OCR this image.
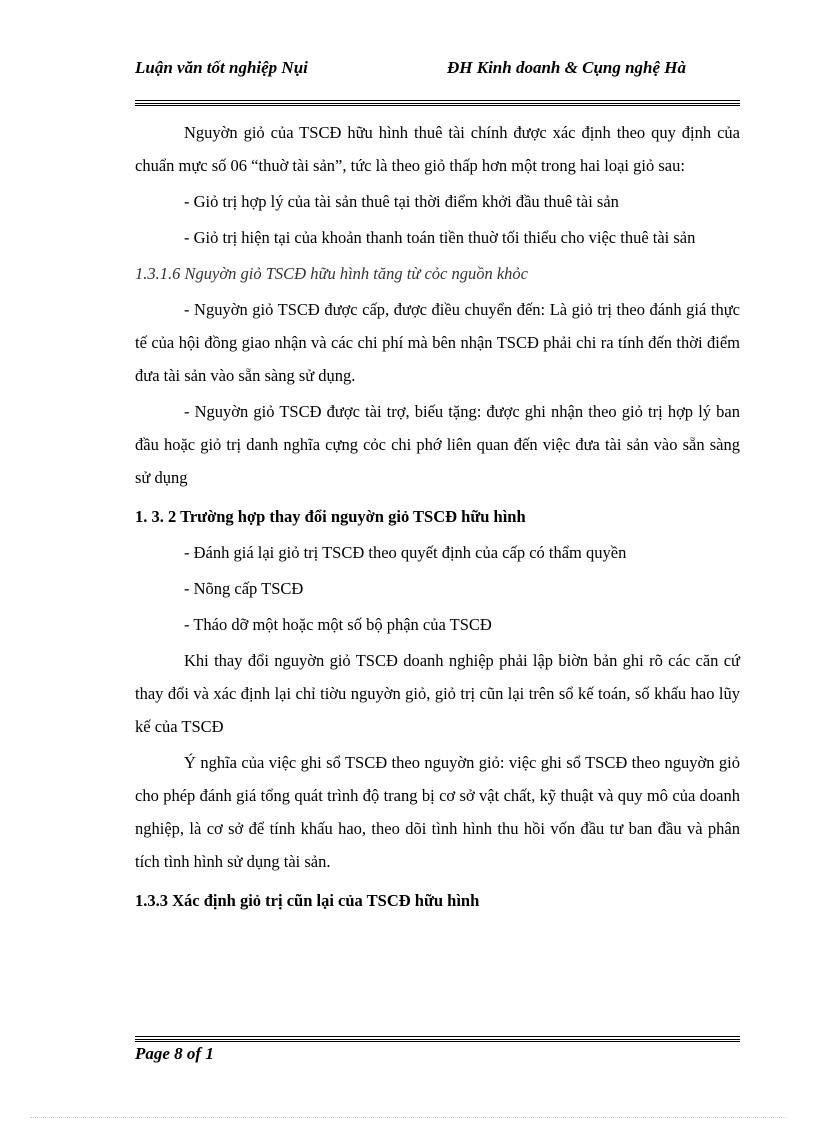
Luận văn tốt nghiệp Nụi	ĐH Kinh doanh & Cụng nghệ Hà

Nguyờn giỏ của TSCĐ hữu hình thuê tài chính được xác định theo quy định của chuẩn mực số 06 “thuờ tài sản”, tức là theo giỏ thấp hơn một trong hai loại giỏ sau:

- Giỏ trị hợp lý của tài sản thuê tại thời điểm khởi đầu thuê tài sản

- Giỏ trị hiện tại của khoản thanh toán tiền thuờ tối thiểu cho việc thuê tài sản

1.3.1.6 Nguyờn giỏ TSCĐ hữu hình tăng từ cỏc nguồn khỏc

- Nguyờn giỏ TSCĐ được cấp, được điều chuyển đến: Là giỏ trị theo đánh giá thực tế của hội đồng giao nhận và các chi phí mà bên nhận TSCĐ phải chi ra tính đến thời điểm đưa tài sản vào sẵn sàng sử dụng.

- Nguyờn giỏ TSCĐ được tài trợ, biếu tặng: được ghi nhận theo giỏ trị hợp lý ban đầu hoặc giỏ trị danh nghĩa cựng cỏc chi phớ liên quan đến việc đưa tài sản vào sẵn sàng sử dụng

1. 3. 2 Trường hợp thay đổi nguyờn giỏ TSCĐ hữu hình

- Đánh giá lại giỏ trị TSCĐ theo quyết định của cấp có thẩm quyền

- Nõng cấp TSCĐ

- Tháo dỡ một hoặc một số bộ phận của TSCĐ

Khi thay đổi nguyờn giỏ TSCĐ doanh nghiệp phải lập biờn bản ghi rõ các căn cứ thay đổi và xác định lại chỉ tiờu nguyờn giỏ, giỏ trị cũn lại trên sổ kế toán, số khấu hao lũy kế của TSCĐ

Ý nghĩa của việc ghi sổ TSCĐ theo nguyờn giỏ: việc ghi sổ TSCĐ theo nguyờn giỏ cho phép đánh giá tổng quát trình độ trang bị cơ sở vật chất, kỹ thuật và quy mô của doanh nghiệp, là cơ sở để tính khấu hao, theo dõi tình hình thu hồi vốn đầu tư ban đầu và phân tích tình hình sử dụng tài sản.

1.3.3 Xác định giỏ trị cũn lại của TSCĐ hữu hình

Page 8 of 1
